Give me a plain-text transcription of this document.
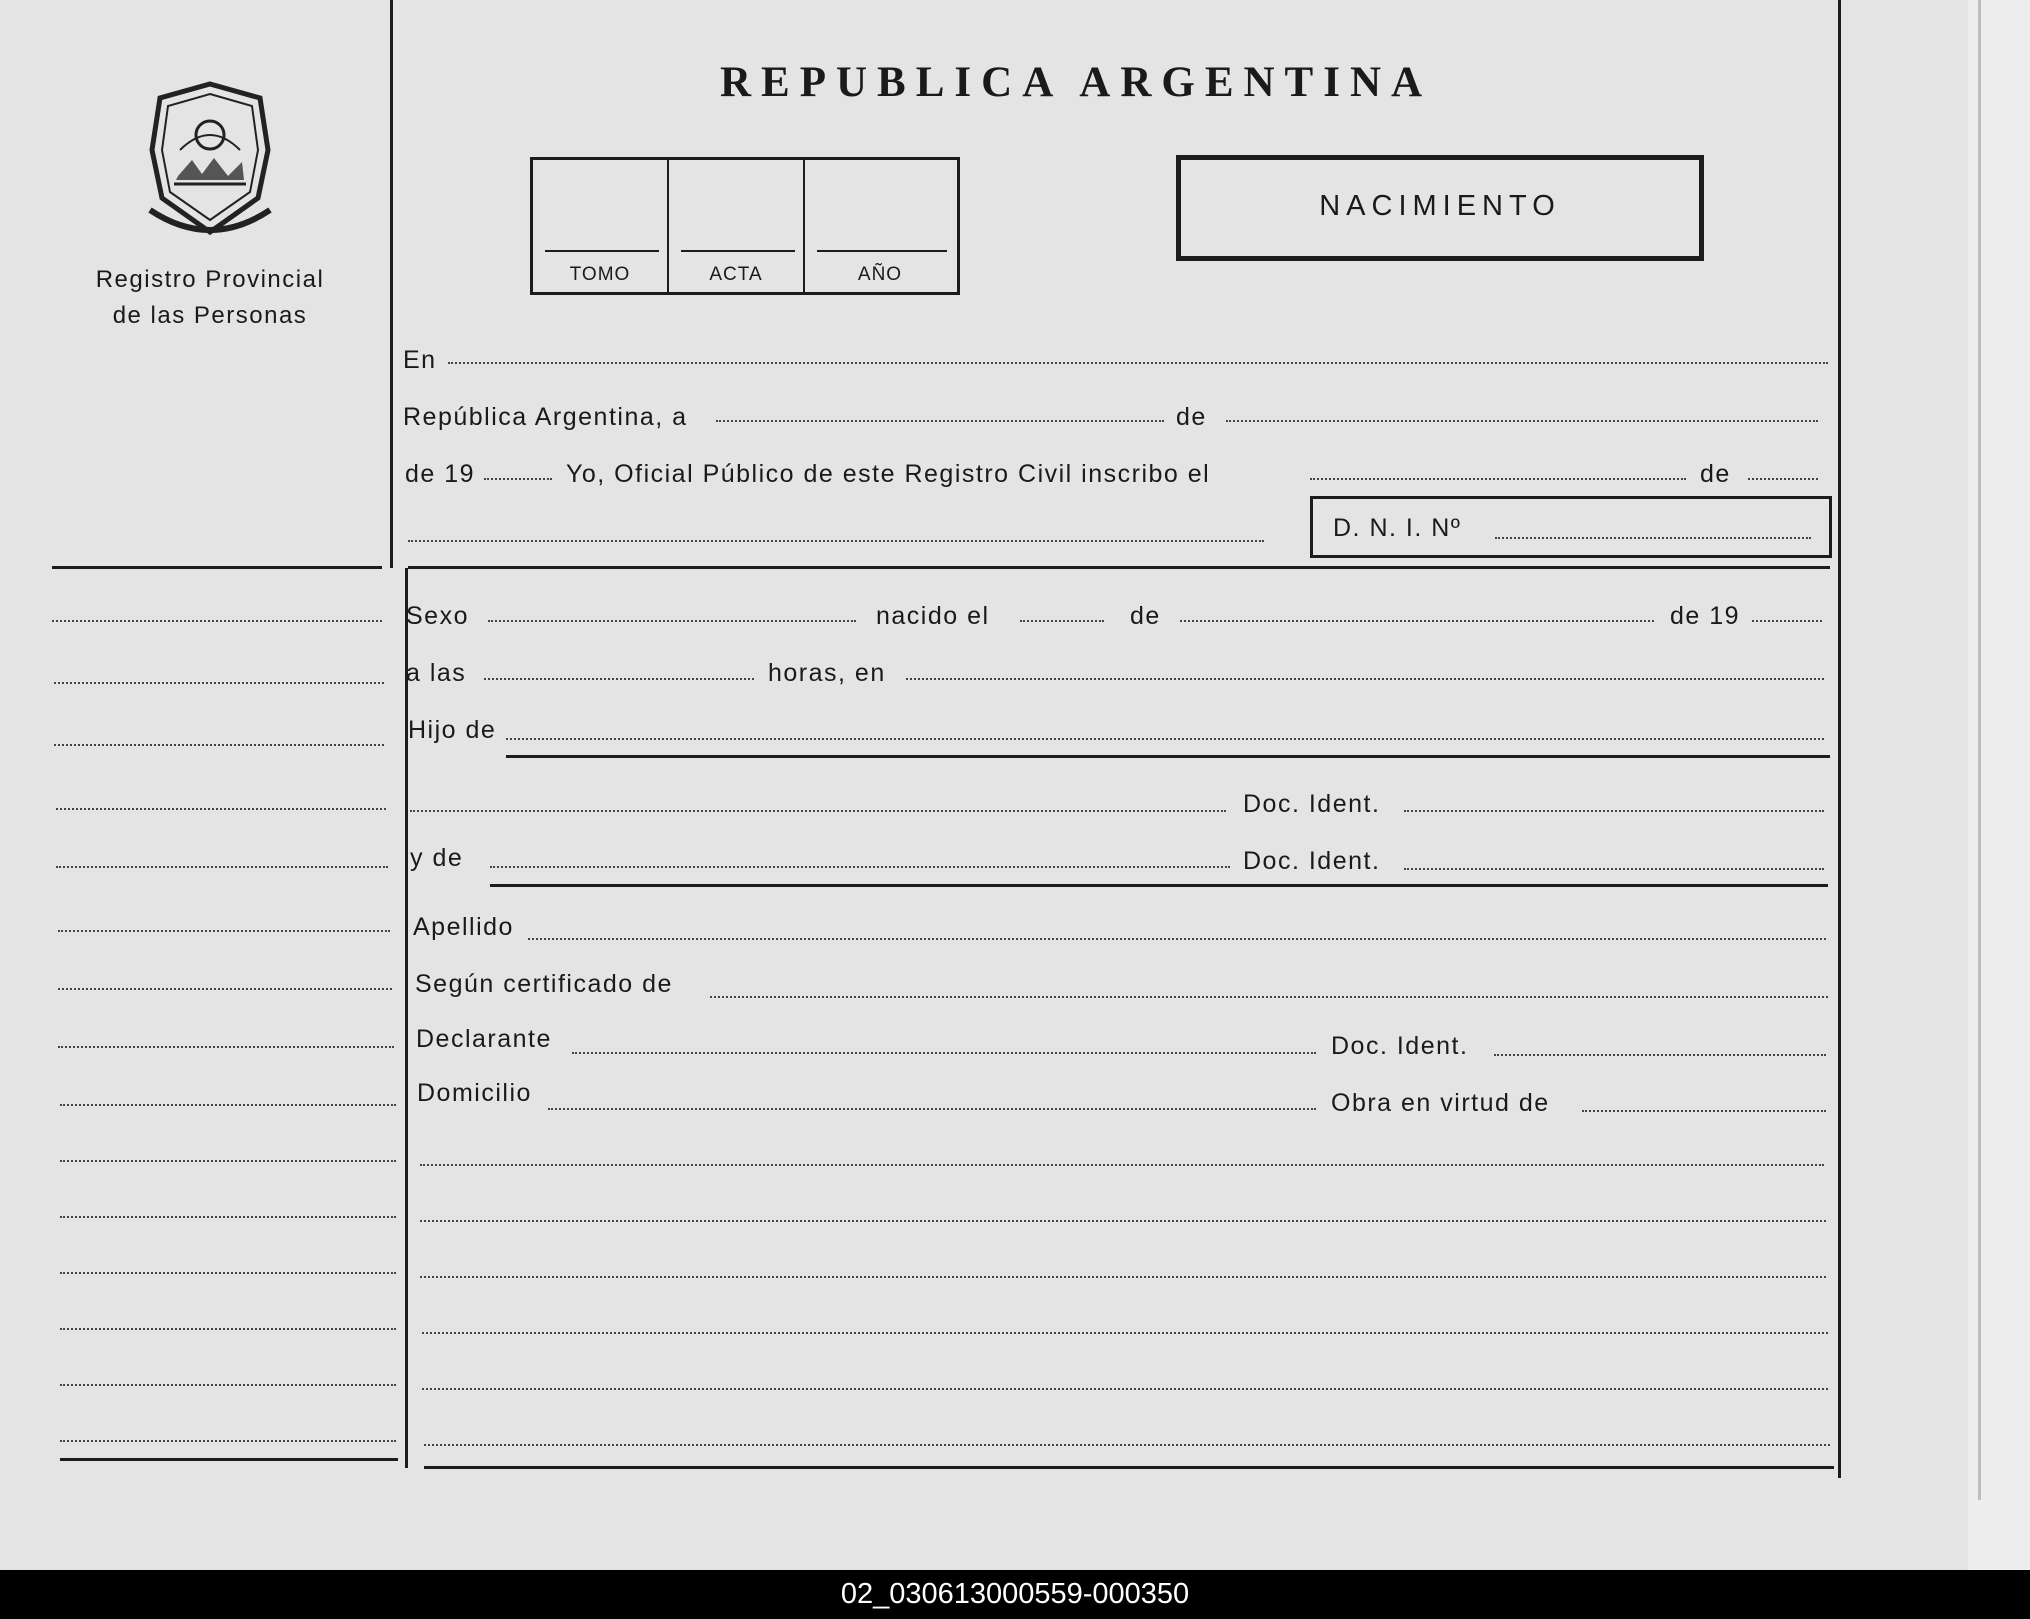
Registro Provincial
de las Personas
REPUBLICA ARGENTINA
TOMO	ACTA	AÑO
NACIMIENTO
En
República Argentina, a	de
de 19	Yo, Oficial Público de este Registro Civil inscribo el	de
D. N. I. Nº
Sexo	nacido el	de	de 19
a las	horas, en
Hijo de
Doc. Ident.
y de	Doc. Ident.
Apellido
Según certificado de
Declarante	Doc. Ident.
Domicilio	Obra en virtud de
02_030613000559-000350
